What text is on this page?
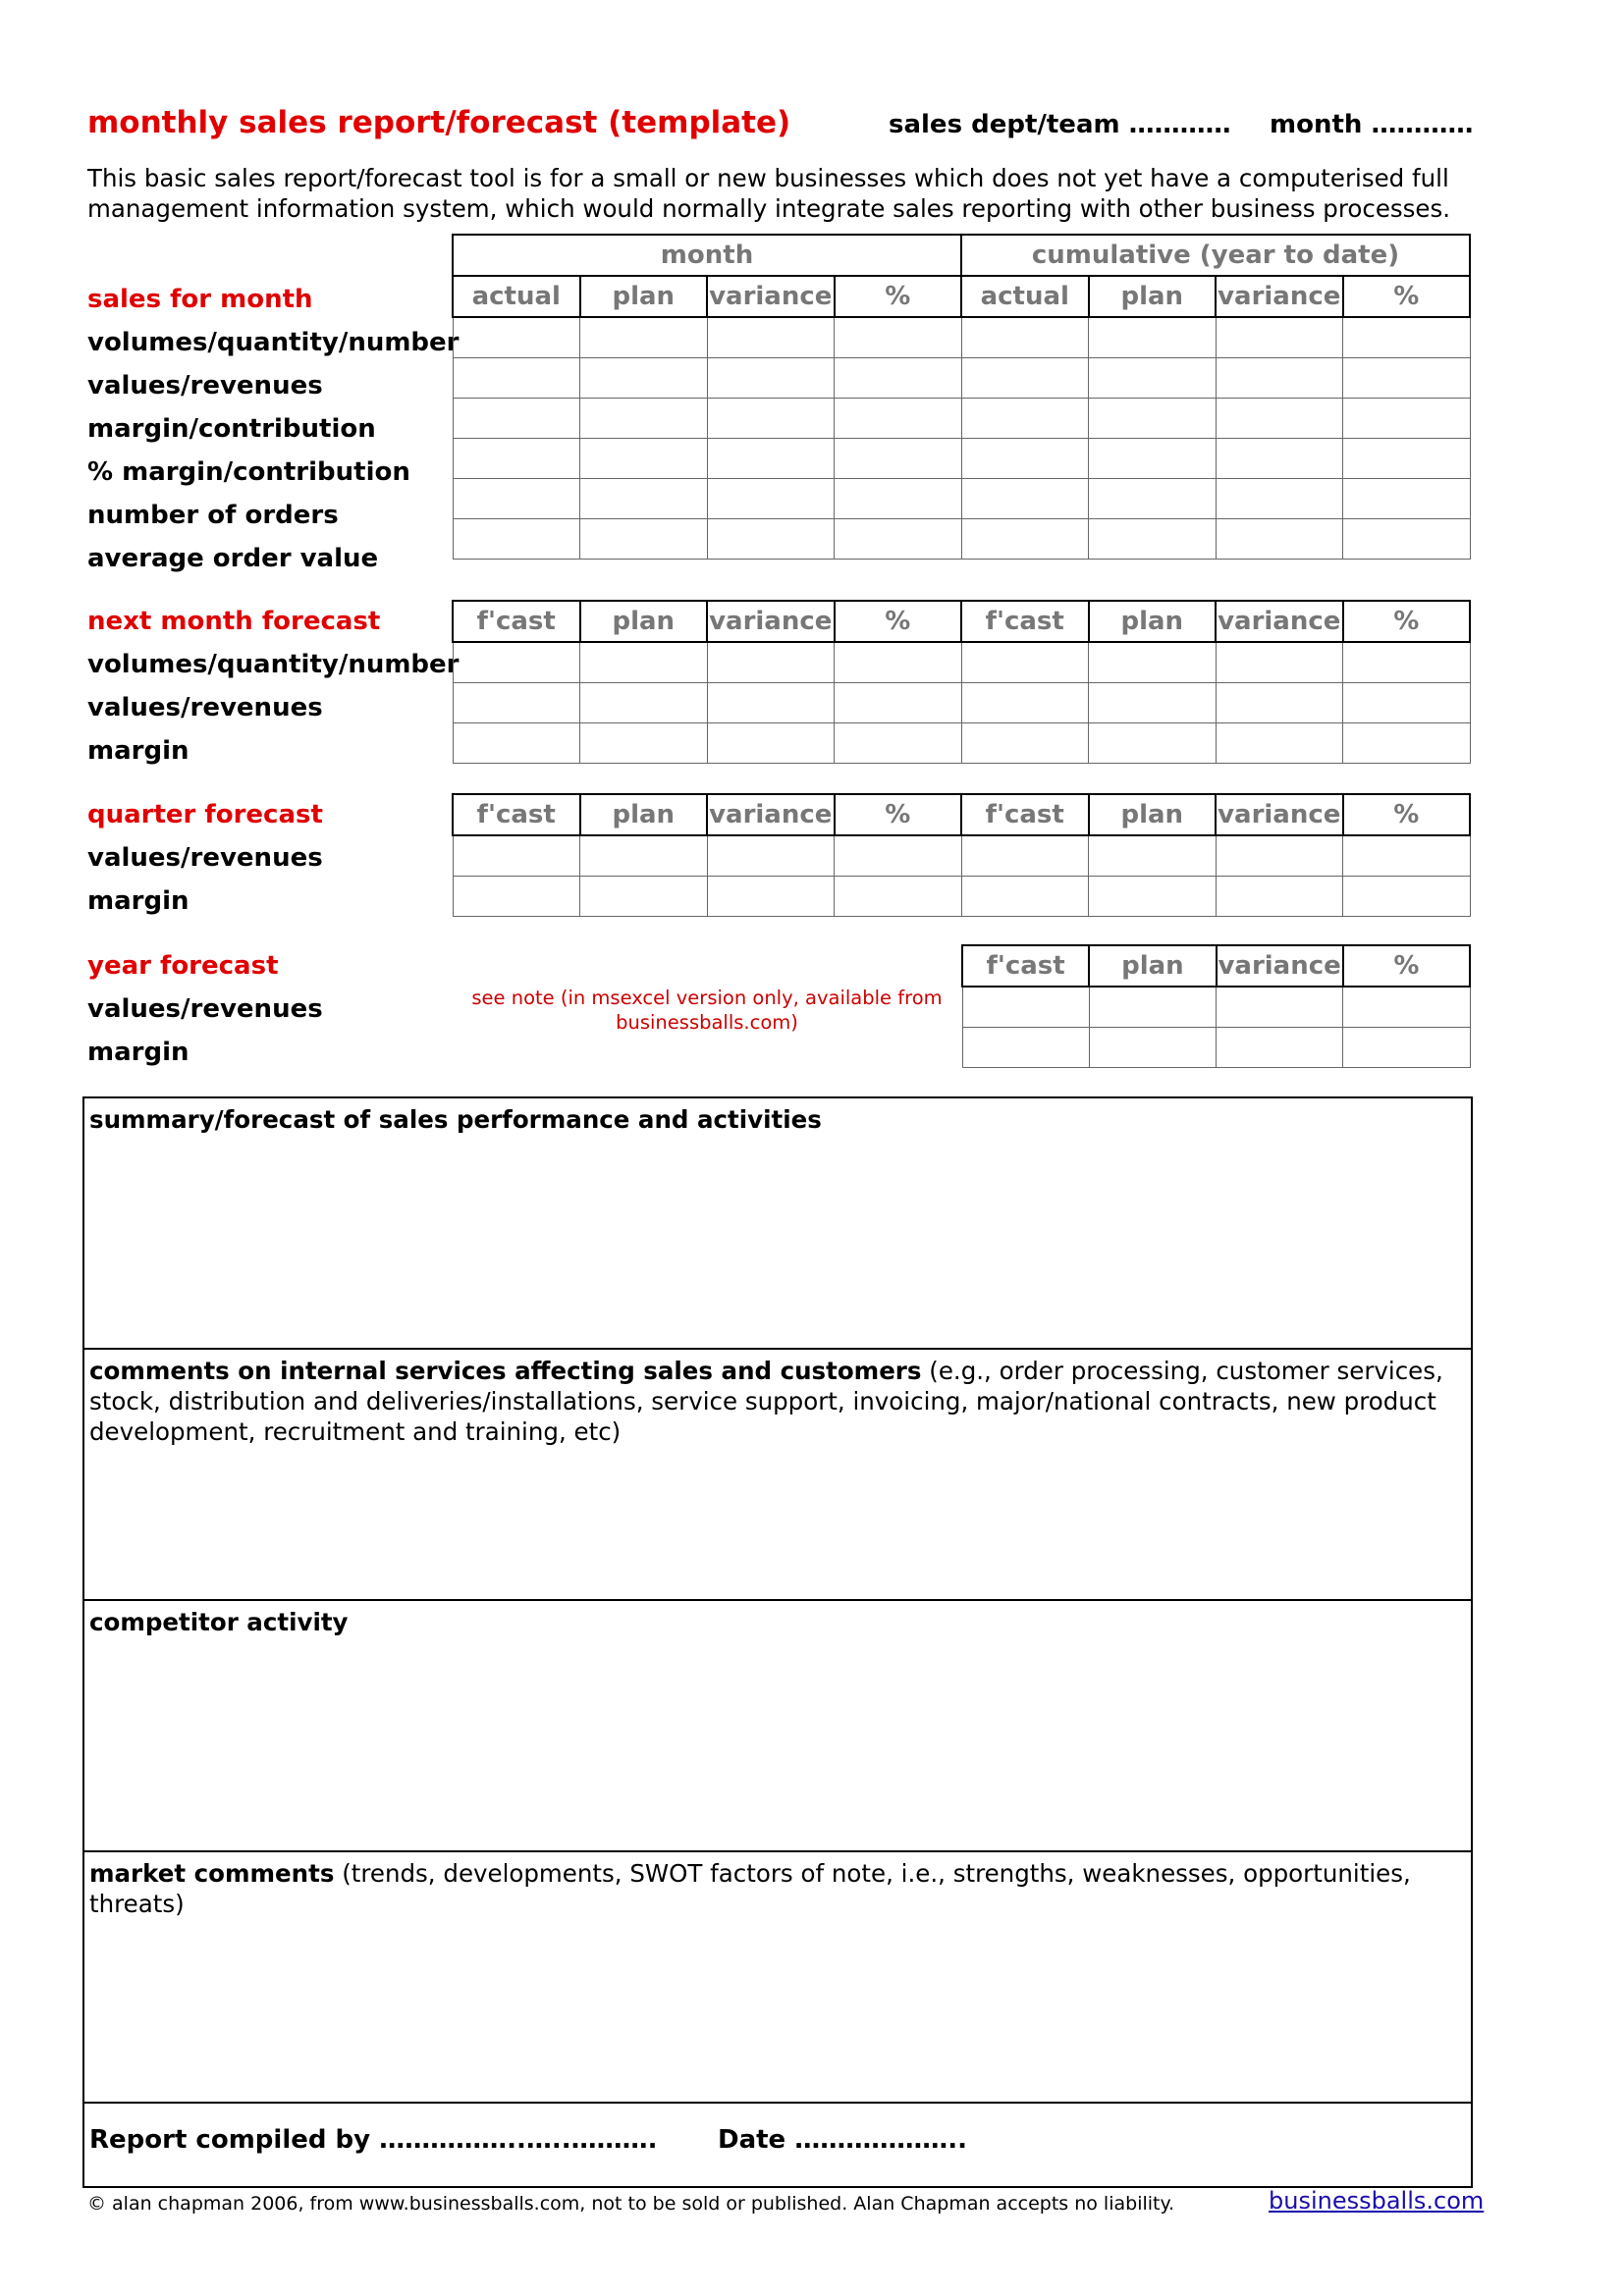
monthly sales report/forecast (template)	sales dept/team ………… month …………
This basic sales report/forecast tool is for a small or new businesses which does not yet have a computerised full management information system, which would normally integrate sales reporting with other business processes.
sales for month
volumes/quantity/number
values/revenues
margin/contribution
% margin/contribution
number of orders
average order value
month				cumulative (year to date)			
actual	plan	variance	%	actual	plan	variance	%

next month forecast
volumes/quantity/number
values/revenues
margin
f'cast	plan	variance	%	f'cast	plan	variance	%

quarter forecast
values/revenues
margin
f'cast	plan	variance	%	f'cast	plan	variance	%

year forecast
values/revenues
margin
see note (in msexcel version only, available from businessballs.com)
f'cast	plan	variance	%

summary/forecast of sales performance and activities
comments on internal services affecting sales and customers (e.g., order processing, customer services, stock, distribution and deliveries/installations, service support, invoicing, major/national contracts, new product development, recruitment and training, etc)
competitor activity
market comments (trends, developments, SWOT factors of note, i.e., strengths, weaknesses, opportunities, threats)
Report compiled by ……………..…..………. Date ………………..
© alan chapman 2006, from www.businessballs.com, not to be sold or published. Alan Chapman accepts no liability.	businessballs.com
